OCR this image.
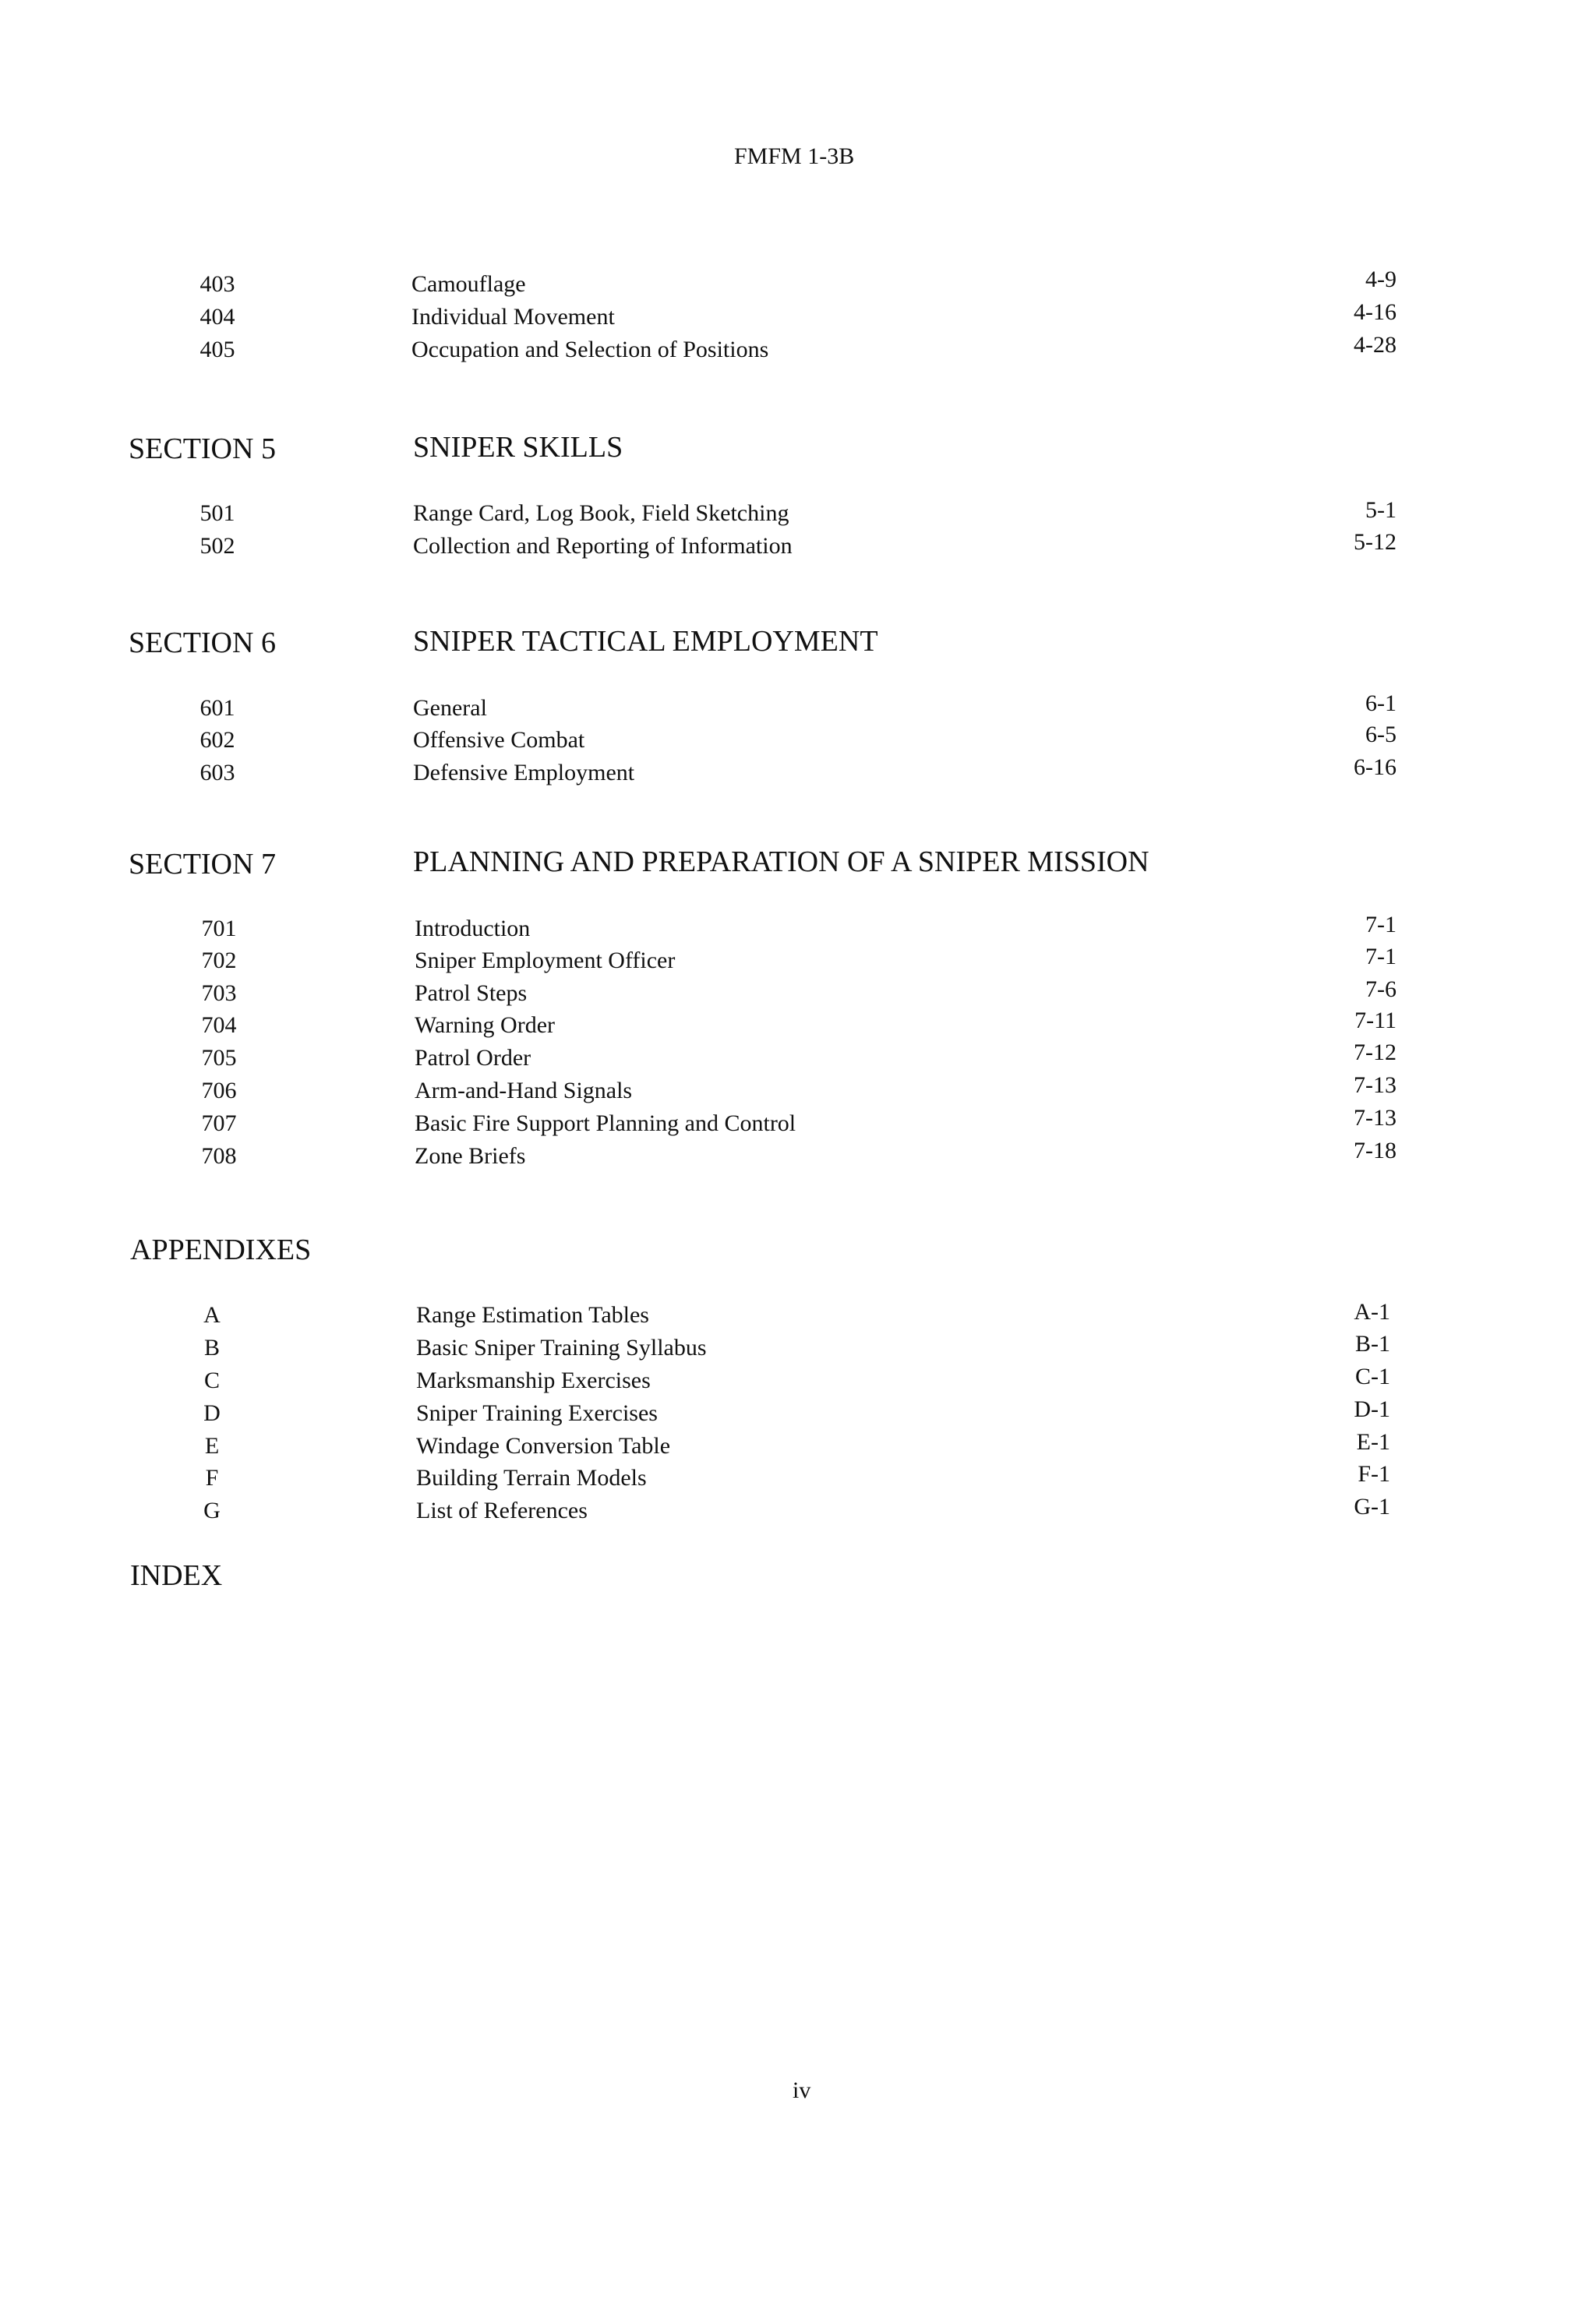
FMFM 1-3B
403	Camouflage	4-9
404	Individual Movement	4-16
405	Occupation and Selection of Positions	4-28
SECTION 5	SNIPER SKILLS
501	Range Card, Log Book, Field Sketching	5-1
502	Collection and Reporting of Information	5-12
SECTION 6	SNIPER TACTICAL EMPLOYMENT
601	General	6-1
602	Offensive Combat	6-5
603	Defensive Employment	6-16
SECTION 7	PLANNING AND PREPARATION OF A SNIPER MISSION
701	Introduction	7-1
702	Sniper Employment Officer	7-1
703	Patrol Steps	7-6
704	Warning Order	7-11
705	Patrol Order	7-12
706	Arm-and-Hand Signals	7-13
707	Basic Fire Support Planning and Control	7-13
708	Zone Briefs	7-18
APPENDIXES
A	Range Estimation Tables	A-1
B	Basic Sniper Training Syllabus	B-1
C	Marksmanship Exercises	C-1
D	Sniper Training Exercises	D-1
E	Windage Conversion Table	E-1
F	Building Terrain Models	F-1
G	List of References	G-1
INDEX
iv
